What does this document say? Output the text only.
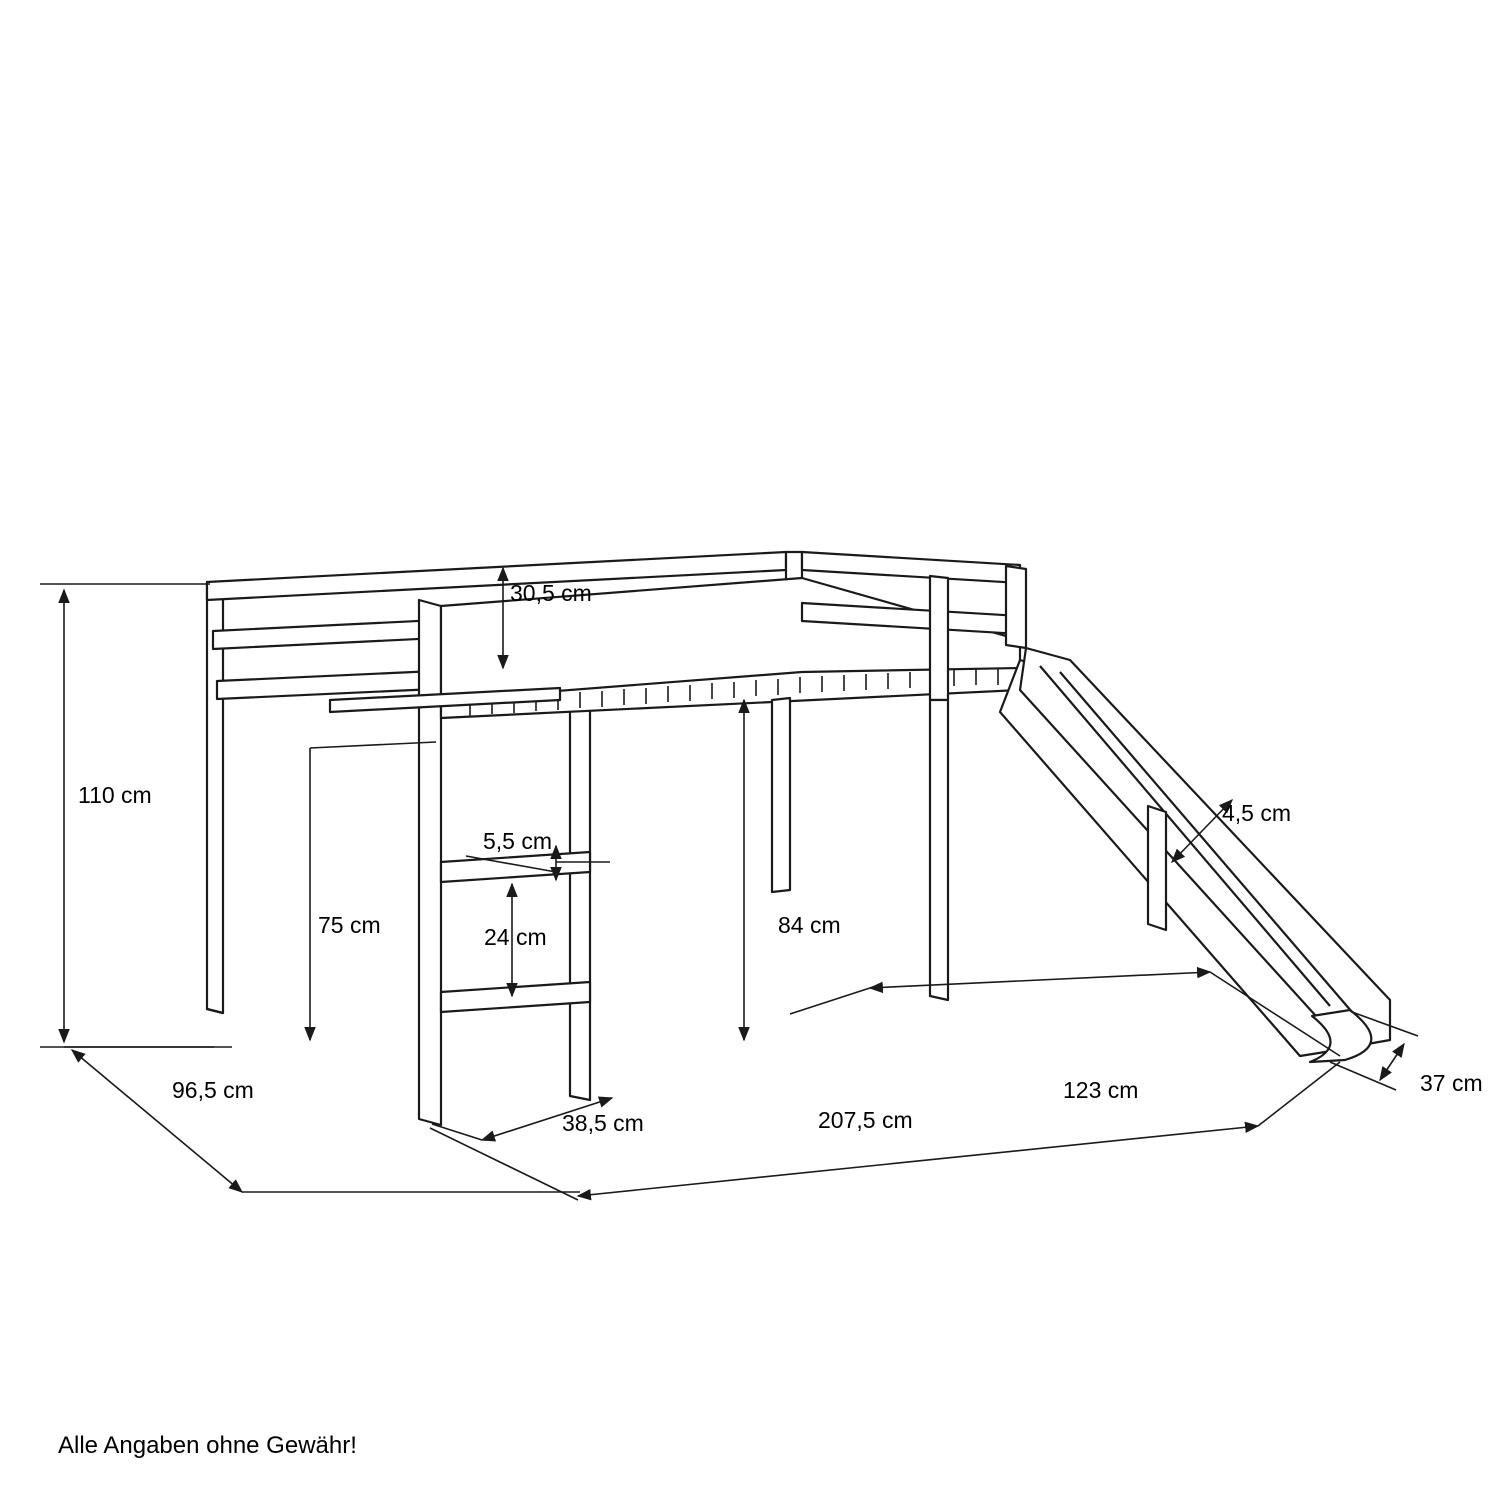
30,5 cm
110 cm
75 cm
5,5 cm
24 cm	84 cm
4,5 cm
96,5 cm
38,5 cm	207,5 cm
123 cm	37 cm
Alle Angaben ohne Gewähr!
